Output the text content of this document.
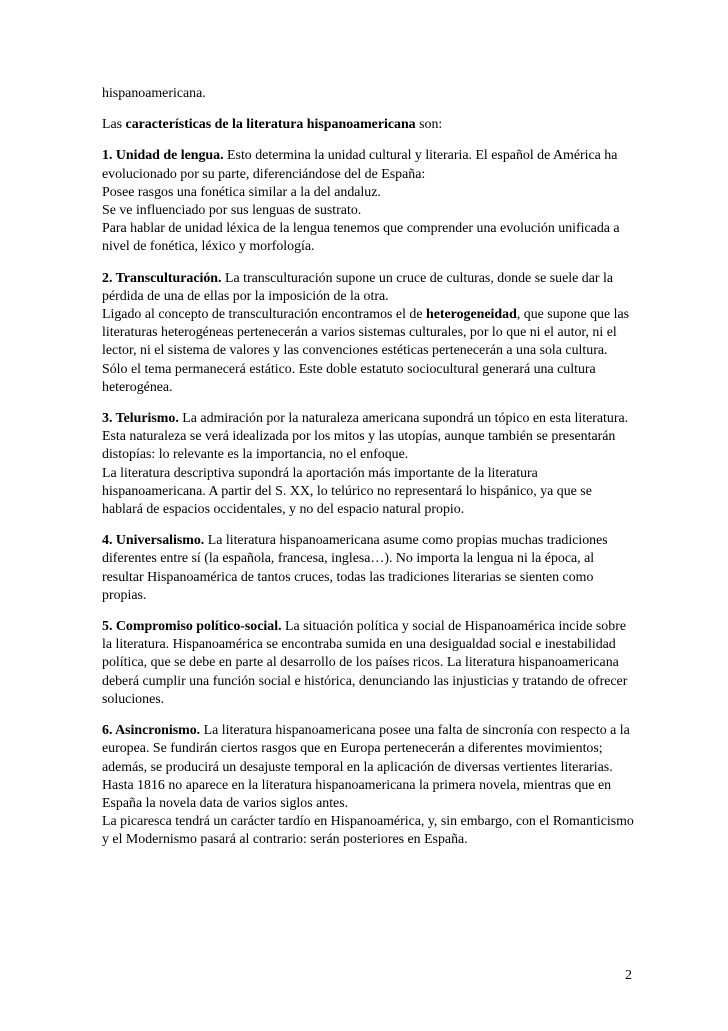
hispanoamericana.

Las características de la literatura hispanoamericana son:

1. Unidad de lengua. Esto determina la unidad cultural y literaria. El español de América ha evolucionado por su parte, diferenciándose del de España:

Posee rasgos una fonética similar a la del andaluz.

Se ve influenciado por sus lenguas de sustrato.

Para hablar de unidad léxica de la lengua tenemos que comprender una evolución unificada a nivel de fonética, léxico y morfología.

2. Transculturación. La transculturación supone un cruce de culturas, donde se suele dar la pérdida de una de ellas por la imposición de la otra.

Ligado al concepto de transculturación encontramos el de heterogeneidad, que supone que las literaturas heterogéneas pertenecerán a varios sistemas culturales, por lo que ni el autor, ni el lector, ni el sistema de valores y las convenciones estéticas pertenecerán a una sola cultura. Sólo el tema permanecerá estático. Este doble estatuto sociocultural generará una cultura heterogénea.

3. Telurismo. La admiración por la naturaleza americana supondrá un tópico en esta literatura. Esta naturaleza se verá idealizada por los mitos y las utopías, aunque también se presentarán distopías: lo relevante es la importancia, no el enfoque.

La literatura descriptiva supondrá la aportación más importante de la literatura hispanoamericana. A partir del S. XX, lo telúrico no representará lo hispánico, ya que se hablará de espacios occidentales, y no del espacio natural propio.

4. Universalismo. La literatura hispanoamericana asume como propias muchas tradiciones diferentes entre sí (la española, francesa, inglesa…). No importa la lengua ni la época, al resultar Hispanoamérica de tantos cruces, todas las tradiciones literarias se sienten como propias.

5. Compromiso político-social. La situación política y social de Hispanoamérica incide sobre la literatura. Hispanoamérica se encontraba sumida en una desigualdad social e inestabilidad política, que se debe en parte al desarrollo de los países ricos. La literatura hispanoamericana deberá cumplir una función social e histórica, denunciando las injusticias y tratando de ofrecer soluciones.

6. Asincronismo. La literatura hispanoamericana posee una falta de sincronía con respecto a la europea. Se fundirán ciertos rasgos que en Europa pertenecerán a diferentes movimientos; además, se producirá un desajuste temporal en la aplicación de diversas vertientes literarias.

Hasta 1816 no aparece en la literatura hispanoamericana la primera novela, mientras que en España la novela data de varios siglos antes.

La picaresca tendrá un carácter tardío en Hispanoamérica, y, sin embargo, con el Romanticismo y el Modernismo pasará al contrario: serán posteriores en España.

2
